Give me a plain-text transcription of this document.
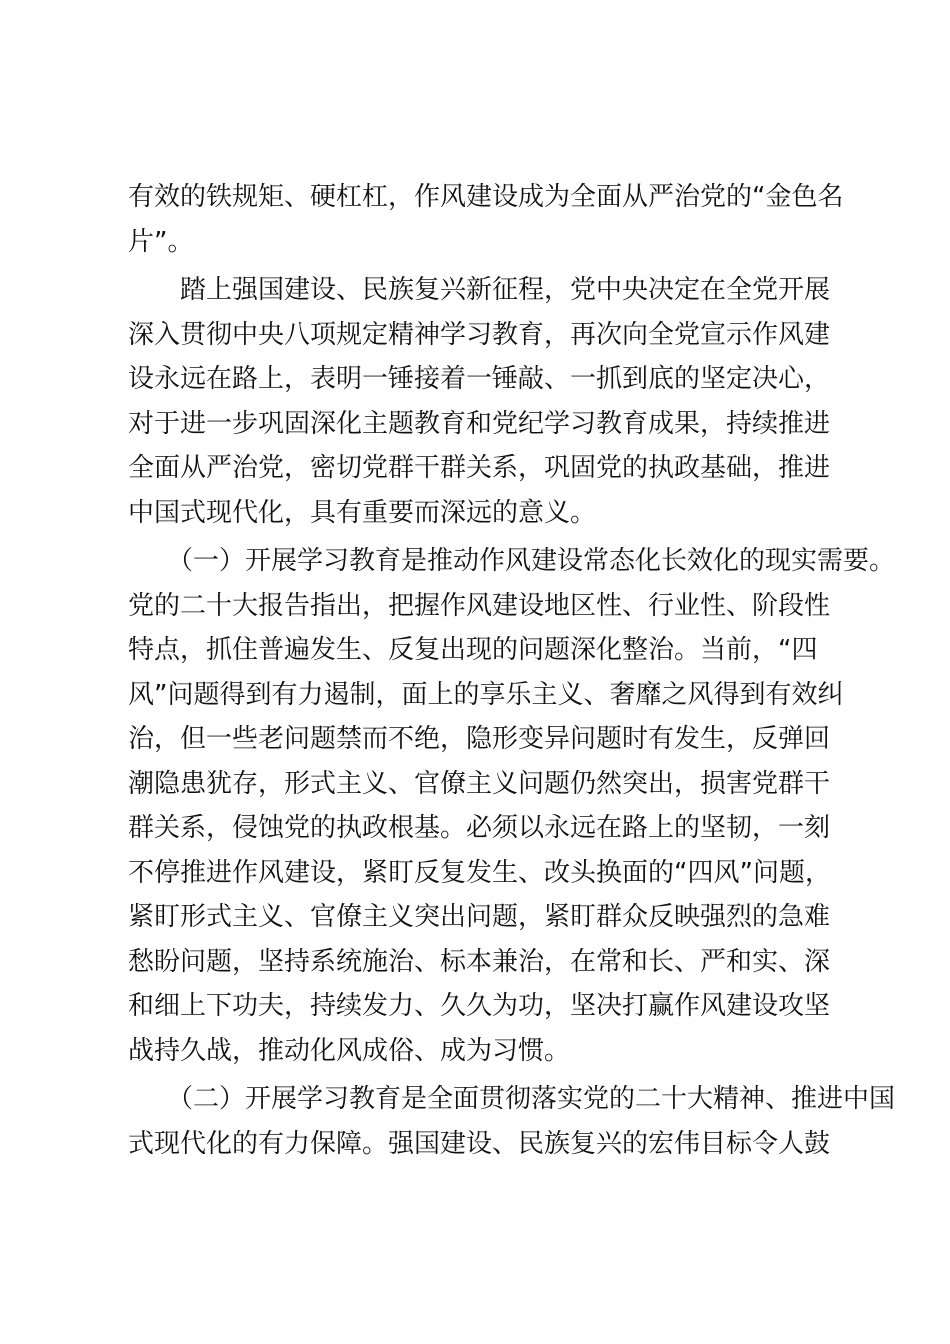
有效的铁规矩、硬杠杠，作风建设成为全面从严治党的“金色名
片”。
　　踏上强国建设、民族复兴新征程，党中央决定在全党开展
深入贯彻中央八项规定精神学习教育，再次向全党宣示作风建
设永远在路上，表明一锤接着一锤敲、一抓到底的坚定决心，
对于进一步巩固深化主题教育和党纪学习教育成果，持续推进
全面从严治党，密切党群干群关系，巩固党的执政基础，推进
中国式现代化，具有重要而深远的意义。
　　（一）开展学习教育是推动作风建设常态化长效化的现实需要。
党的二十大报告指出，把握作风建设地区性、行业性、阶段性
特点，抓住普遍发生、反复出现的问题深化整治。当前，“四
风”问题得到有力遏制，面上的享乐主义、奢靡之风得到有效纠
治，但一些老问题禁而不绝，隐形变异问题时有发生，反弹回
潮隐患犹存，形式主义、官僚主义问题仍然突出，损害党群干
群关系，侵蚀党的执政根基。必须以永远在路上的坚韧，一刻
不停推进作风建设，紧盯反复发生、改头换面的“四风”问题，
紧盯形式主义、官僚主义突出问题，紧盯群众反映强烈的急难
愁盼问题，坚持系统施治、标本兼治，在常和长、严和实、深
和细上下功夫，持续发力、久久为功，坚决打赢作风建设攻坚
战持久战，推动化风成俗、成为习惯。
　　（二）开展学习教育是全面贯彻落实党的二十大精神、推进中国
式现代化的有力保障。强国建设、民族复兴的宏伟目标令人鼓
